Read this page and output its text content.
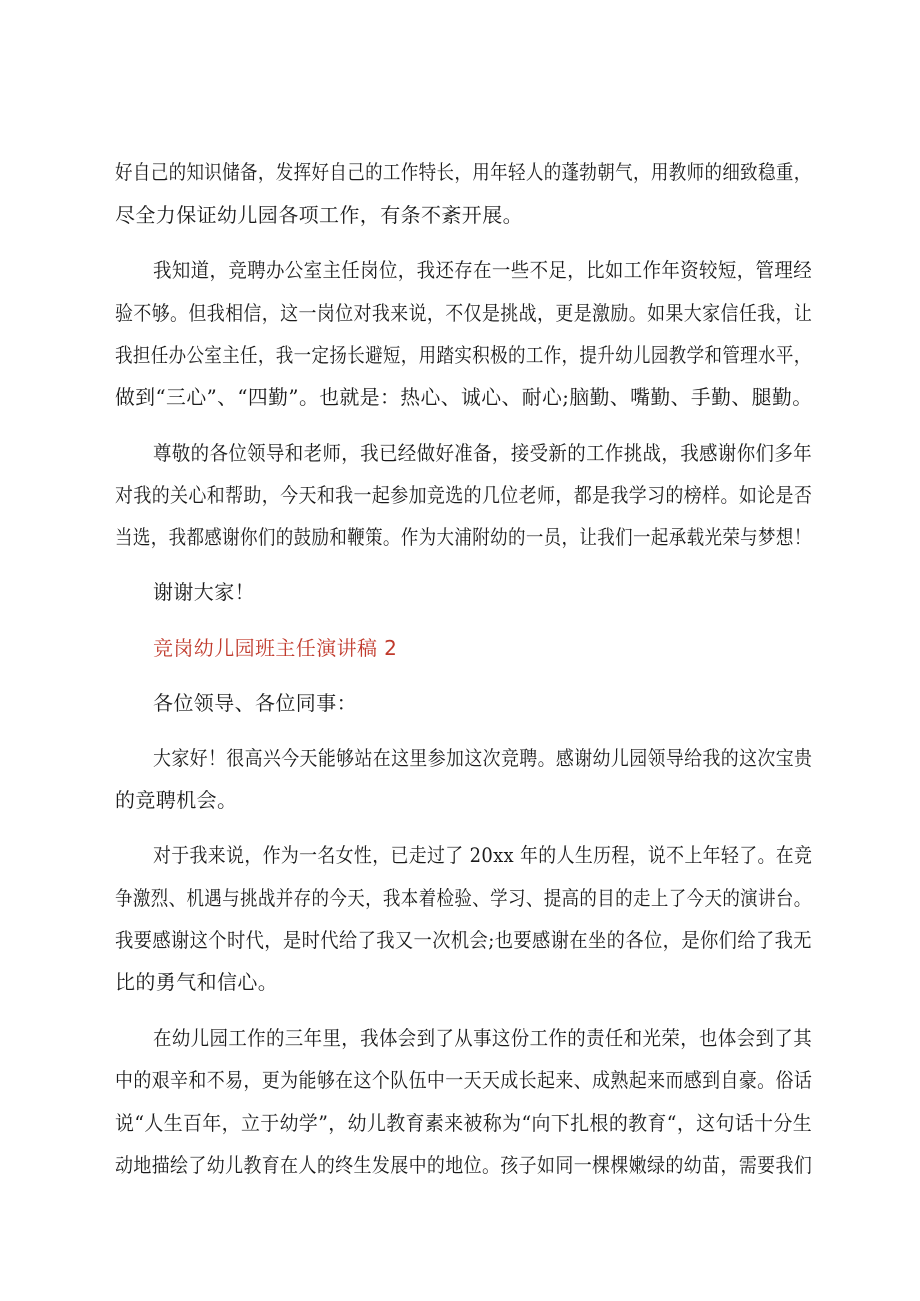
好自己的知识储备，发挥好自己的工作特长，用年轻人的蓬勃朝气，用教师的细致稳重，
尽全力保证幼儿园各项工作，有条不紊开展。
我知道，竞聘办公室主任岗位，我还存在一些不足，比如工作年资较短，管理经
验不够。但我相信，这一岗位对我来说，不仅是挑战，更是激励。如果大家信任我，让
我担任办公室主任，我一定扬长避短，用踏实积极的工作，提升幼儿园教学和管理水平，
做到“三心”、“四勤”。也就是：热心、诚心、耐心;脑勤、嘴勤、手勤、腿勤。
尊敬的各位领导和老师，我已经做好准备，接受新的工作挑战，我感谢你们多年
对我的关心和帮助，今天和我一起参加竞选的几位老师，都是我学习的榜样。如论是否
当选，我都感谢你们的鼓励和鞭策。作为大浦附幼的一员，让我们一起承载光荣与梦想！
谢谢大家！
竞岗幼儿园班主任演讲稿 2
各位领导、各位同事：
大家好！很高兴今天能够站在这里参加这次竞聘。感谢幼儿园领导给我的这次宝贵
的竞聘机会。
对于我来说，作为一名女性，已走过了 20xx 年的人生历程，说不上年轻了。在竞
争激烈、机遇与挑战并存的今天，我本着检验、学习、提高的目的走上了今天的演讲台。
我要感谢这个时代，是时代给了我又一次机会;也要感谢在坐的各位，是你们给了我无
比的勇气和信心。
在幼儿园工作的三年里，我体会到了从事这份工作的责任和光荣，也体会到了其
中的艰辛和不易，更为能够在这个队伍中一天天成长起来、成熟起来而感到自豪。俗话
说“人生百年，立于幼学”，幼儿教育素来被称为“向下扎根的教育“，这句话十分生
动地描绘了幼儿教育在人的终生发展中的地位。孩子如同一棵棵嫩绿的幼苗，需要我们
